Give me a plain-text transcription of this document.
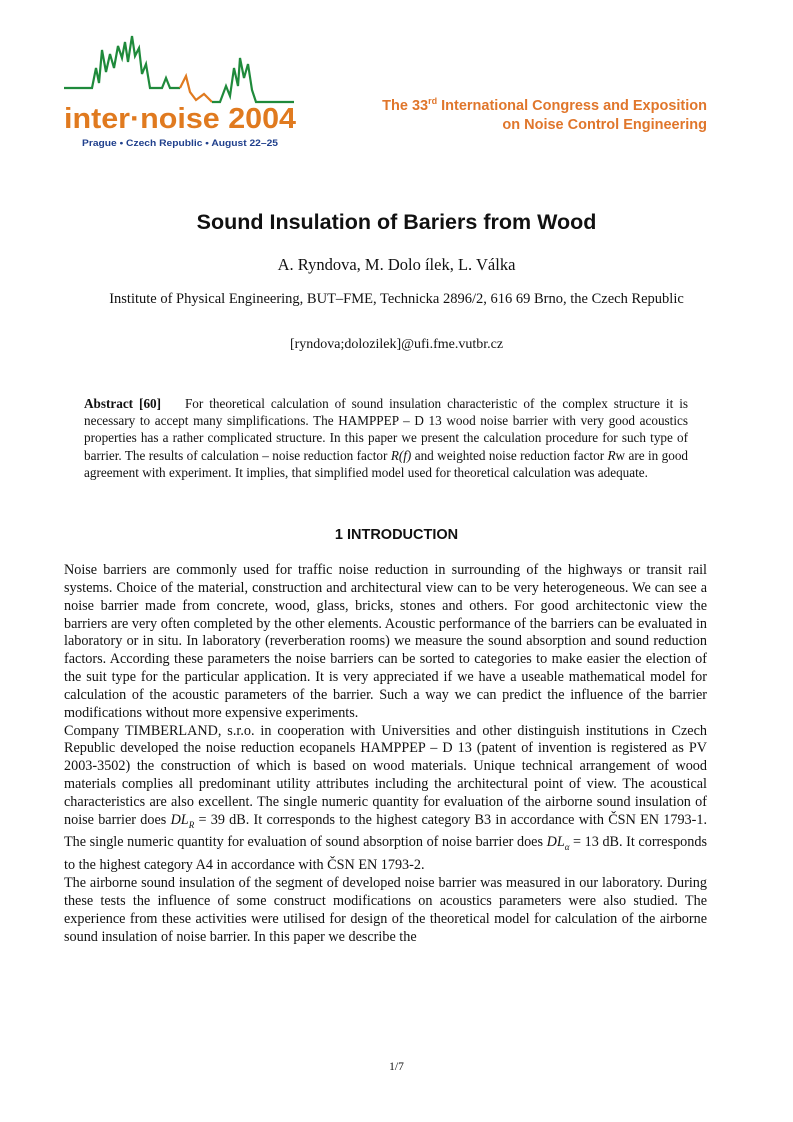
inter·noise 2004
Prague • Czech Republic • August 22–25
The 33rd International Congress and Exposition
on Noise Control Engineering
Sound Insulation of Bariers from Wood
A. Ryndova, M. Dolo ílek, L. Válka
Institute of Physical Engineering, BUT–FME, Technicka 2896/2, 616 69 Brno, the Czech Republic
[ryndova;dolozilek]@ufi.fme.vutbr.cz
Abstract [60] For theoretical calculation of sound insulation characteristic of the complex structure it is necessary to accept many simplifications. The HAMPPEP – D 13 wood noise barrier with very good acoustics properties has a rather complicated structure. In this paper we present the calculation procedure for such type of barrier. The results of calculation – noise reduction factor R(f) and weighted noise reduction factor Rw are in good agreement with experiment. It implies, that simplified model used for theoretical calculation was adequate.
1 INTRODUCTION

Noise barriers are commonly used for traffic noise reduction in surrounding of the highways or transit rail systems. Choice of the material, construction and architectural view can to be very heterogeneous. We can see a noise barrier made from concrete, wood, glass, bricks, stones and others. For good architectonic view the barriers are very often completed by the other elements. Acoustic performance of the barriers can be evaluated in laboratory or in situ. In laboratory (reverberation rooms) we measure the sound absorption and sound reduction factors. According these parameters the noise barriers can be sorted to categories to make easier the election of the suit type for the particular application. It is very appreciated if we have a useable mathematical model for calculation of the acoustic parameters of the barrier. Such a way we can predict the influence of the barrier modifications without more expensive experiments.

Company TIMBERLAND, s.r.o. in cooperation with Universities and other distinguish institutions in Czech Republic developed the noise reduction ecopanels HAMPPEP – D 13 (patent of invention is registered as PV 2003-3502) the construction of which is based on wood materials. Unique technical arrangement of wood materials complies all predominant utility attributes including the architectural point of view. The acoustical characteristics are also excellent. The single numeric quantity for evaluation of the airborne sound insulation of noise barrier does $DL_R = 39$ dB. It corresponds to the highest category B3 in accordance with ČSN EN 1793-1. The single numeric quantity for evaluation of sound absorption of noise barrier does $DL_\alpha = 13$ dB. It corresponds to the highest category A4 in accordance with ČSN EN 1793-2.

The airborne sound insulation of the segment of developed noise barrier was measured in our laboratory. During these tests the influence of some construct modifications on acoustics parameters were also studied. The experience from these activities were utilised for design of the theoretical model for calculation of the airborne sound insulation of noise barrier. In this paper we describe the

1/7
